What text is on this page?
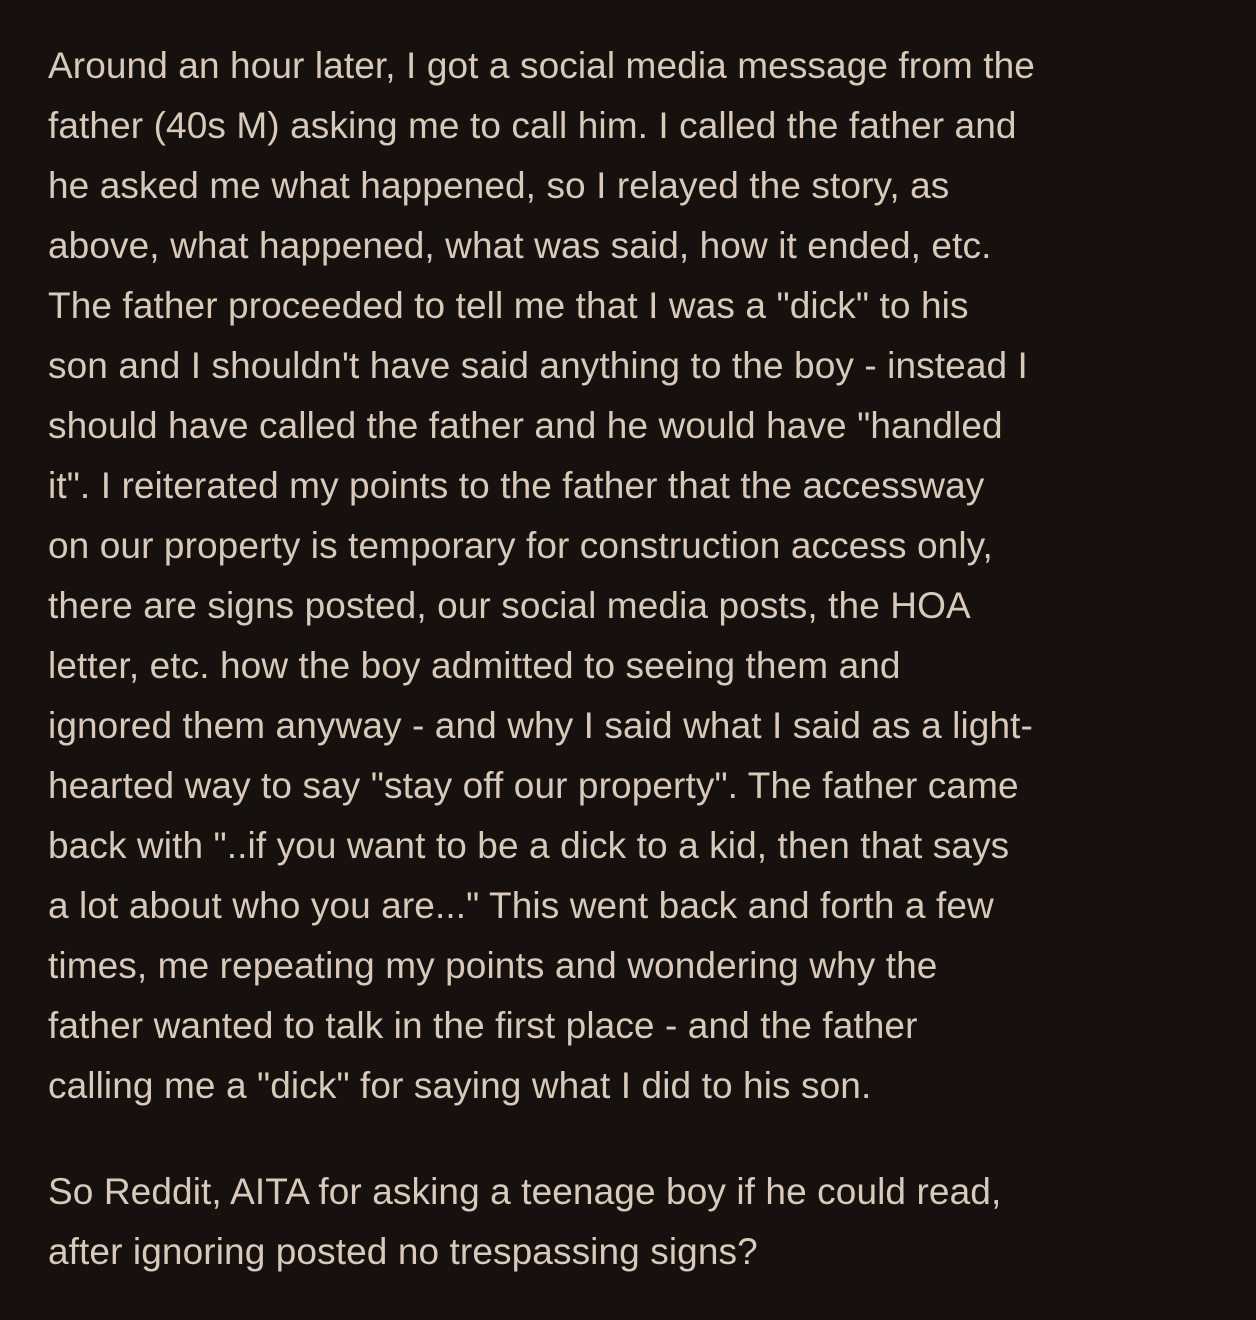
Around an hour later, I got a social media message from the
father (40s M) asking me to call him. I called the father and
he asked me what happened, so I relayed the story, as
above, what happened, what was said, how it ended, etc.
The father proceeded to tell me that I was a "dick" to his
son and I shouldn't have said anything to the boy - instead I
should have called the father and he would have "handled
it". I reiterated my points to the father that the accessway
on our property is temporary for construction access only,
there are signs posted, our social media posts, the HOA
letter, etc. how the boy admitted to seeing them and
ignored them anyway - and why I said what I said as a light-
hearted way to say "stay off our property". The father came
back with "..if you want to be a dick to a kid, then that says
a lot about who you are..." This went back and forth a few
times, me repeating my points and wondering why the
father wanted to talk in the first place - and the father
calling me a "dick" for saying what I did to his son.
So Reddit, AITA for asking a teenage boy if he could read,
after ignoring posted no trespassing signs?
